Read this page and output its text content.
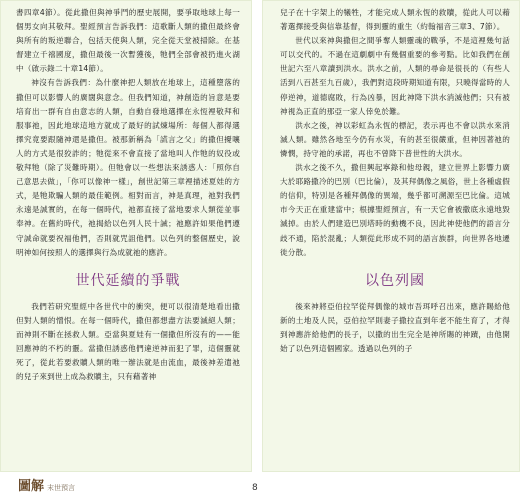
書四章4節）。從此撒但與神爭鬥的歷史展開，要爭取地球上每一個男女向其敬拜。聖經預言告訴我們：這歌斷人類的撒但最終會與所有的叛逆聯合，包括天使與人類，完全從天堂被掃除。在基督建立千禧國度，撒但最後一次暫獲後，牠們全部會被扔進火湖中（啟示錄二十章14節）。

神沒有告訴我們：為什麼神把人類放在地球上，這種墮落的撒但可以影響人的廣闊與意念。但我們知道，神創造的旨意是要培育出一群有自由意志的人類，自動自發地選擇在永恆裡敬拜和服事祂，因此地球這地方就成了最好的試煉場所：每個人都得選擇究竟要跟隨神還是撒但。被那新稱為「謊言之父」的撒但擾嚷人的方式是很狡詐的；牠從來不會直接了當地叫人作牠的奴役或敬拜牠（除了災難時期）。但牠會以一些想法來誘惑人：「照你自己意思去做」，「你可以像神一樣」，創世記第三章裡描述夏娃的方式，是牠欺騙人類的最佳範例。相對而言，神是真理，祂對我們永遠是誠實的，在每一個時代，祂都直接了當地要求人類從並事奉神。在舊約時代，祂揭給以色列人民十誡；祂應許如果他們遵守誠命就要祝福他們，否則就咒詛他們。以色列的整個歷史，說明神如何按照人的選擇與行為成就祂的應許。

世代延續的爭戰

我們若研究聖經中各世代中的衝突，便可以很清楚地看出撒但對人類的憎恨。在每一個時代，撒但都想盡方法要滅絕人類；而神則不斷在拯救人類。亞當與夏娃有一個撒但所沒有的——能回應神的不朽的靈。當撒但誘惑他們違逆神而犯了罪，這個靈就死了，從此若要救贖人類的唯一辦法就是由流血，最後神差遣祂的兒子來到世上成為救贖主，只有藉著神

兒子在十字架上的犧牲，才能完成人類永恆的救贖，從此人可以藉著選擇接受與信靠基督，得到靈的重生（約翰福音三章3、7節）。

世代以來神與撒但之間爭奪人類靈魂的戰爭，不是這裡幾句話可以交代的。不過在這劇劇中有幾個重要的參考點。比如我們在創世記六至八章讀到洪水。洪水之前，人類的尋命是很長的（有些人活到八百甚至九百歲），我們對這段時期知道有限，只曉得當時的人停逆神，道德腐敗，行為凶暴，因此神降下洪水消滅他們；只有被神視為正直的那亞一家人倖免於難。

洪水之後，神以彩虹為永恆的標記，表示再也不會以洪水來消滅人類。雖然各地至今仍有水災，有的甚至很嚴重，但神因著祂的憐憫，持守祂的承諾，再也不曾降下普世性的大洪水。

洪水之後不久，撒但興起寧錄和他母親，建立世界上影響力廣大於耶路撒冷的巴別（巴比倫），及其拜偶像之風俗，世上各種虛假的信仰，特別是各種拜偶像的異端，幾乎都可溯源至巴比倫。這城市今天正在重建當中；根據聖經預言，有一天它會被撒底永遠地毀滅掉。由於人們建造巴別塔時的動機不良，因此神使他們的語言分歧不通，陷於混亂；人類從此形成不同的語言族群，向世界各地遷徙分散。

以色列國

後來神將亞伯拉罕從拜偶像的城市吾珥呼召出來，應許賜給他新的土地及人民，亞伯拉罕則妻子撒拉直到年老不能生育了，才得到神應許給他們的長子，以撒的出生完全是神所賜的神蹟，由他開始了以色列這個國家。透過以色列的子

圖解 末世預言	8
